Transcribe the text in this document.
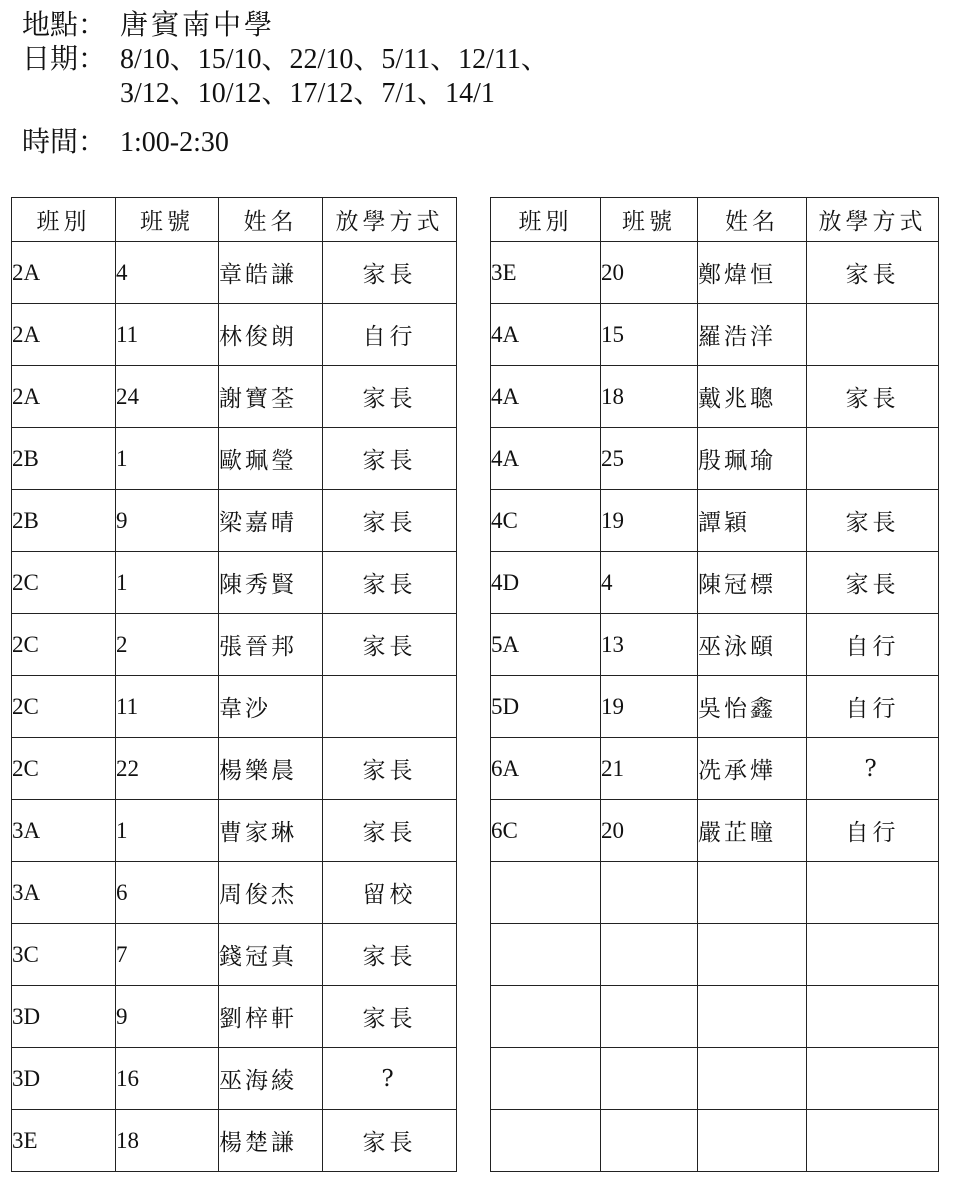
地點： 唐賓南中學
日期： 8/10、15/10、22/10、5/11、12/11、
3/12、10/12、17/12、7/1、14/1
時間： 1:00-2:30
班別	班號	姓名	放學方式
2A	4	章皓謙	家長
2A	11	林俊朗	自行
2A	24	謝寶荃	家長
2B	1	歐珮瑩	家長
2B	9	梁嘉晴	家長
2C	1	陳秀賢	家長
2C	2	張晉邦	家長
2C	11	韋沙	
2C	22	楊樂晨	家長
3A	1	曹家琳	家長
3A	6	周俊杰	留校
3C	7	錢冠真	家長
3D	9	劉梓軒	家長
3D	16	巫海綾	?
3E	18	楊楚謙	家長
班別	班號	姓名	放學方式
3E	20	鄭煒恒	家長
4A	15	羅浩洋	
4A	18	戴兆聰	家長
4A	25	殷珮瑜	
4C	19	譚穎	家長
4D	4	陳冠標	家長
5A	13	巫泳頤	自行
5D	19	吳怡鑫	自行
6A	21	冼承燁	?
6C	20	嚴芷瞳	自行
